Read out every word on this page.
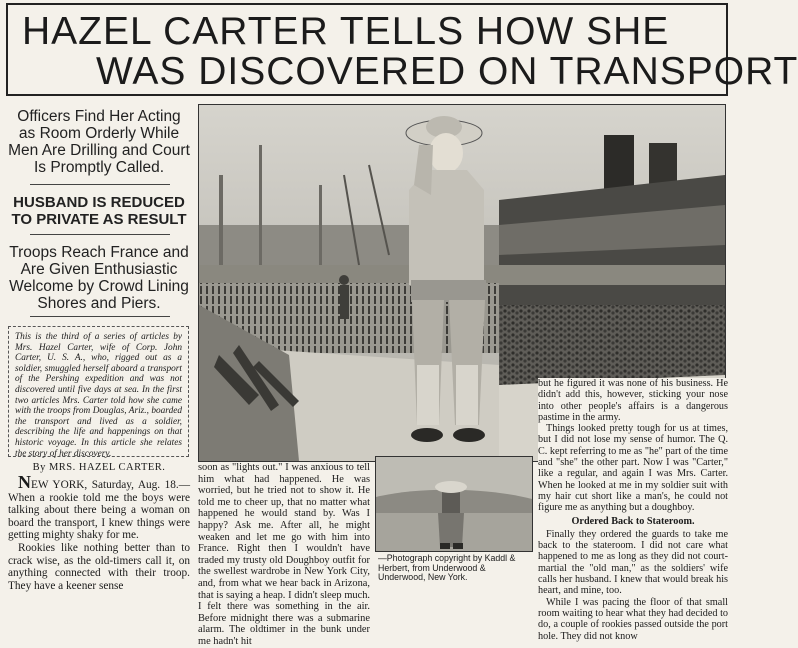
HAZEL CARTER TELLS HOW SHE
WAS DISCOVERED ON TRANSPORT
Officers Find Her Acting as Room Orderly While Men Are Drilling and Court Is Promptly Called.
HUSBAND IS REDUCED TO PRIVATE AS RESULT
Troops Reach France and Are Given Enthusiastic Welcome by Crowd Lining Shores and Piers.
This is the third of a series of articles by Mrs. Hazel Carter, wife of Corp. John Carter, U. S. A., who, rigged out as a soldier, smuggled herself aboard a transport of the Pershing expedition and was not discovered until five days at sea. In the first two articles Mrs. Carter told how she came with the troops from Douglas, Ariz., boarded the transport and lived as a soldier, describing the life and happenings on that historic voyage. In this article she relates the story of her discovery.
By MRS. HAZEL CARTER.

NEW YORK, Saturday, Aug. 18.—When a rookie told me the boys were talking about there being a woman on board the transport, I knew things were getting mighty shaky for me.

Rookies like nothing better than to crack wise, as the old-timers call it, on anything connected with their troop. They have a keener sense

soon as "lights out." I was anxious to tell him what had happened. He was worried, but he tried not to show it. He told me to cheer up, that no matter what happened he would stand by. Was I happy? Ask me. After all, he might weaken and let me go with him into France. Right then I wouldn't have traded my trusty old Doughboy outfit for the swellest wardrobe in New York City, and, from what we hear back in Arizona, that is saying a heap. I didn't sleep much. I felt there was something in the air. Before midnight there was a submarine alarm. The oldtimer in the bunk under me hadn't hit

—Photograph copyright by Kaddl & Herbert, from Underwood & Underwood, New York.

but he figured it was none of his business. He didn't add this, however, sticking your nose into other people's affairs is a dangerous pastime in the army.

Things looked pretty tough for us at times, but I did not lose my sense of humor. The Q. C. kept referring to me as "he" part of the time and "she" the other part. Now I was "Carter," like a regular, and again I was Mrs. Carter. When he looked at me in my soldier suit with my hair cut short like a man's, he could not figure me as anything but a doughboy.

Ordered Back to Stateroom.

Finally they ordered the guards to take me back to the stateroom. I did not care what happened to me as long as they did not court-martial the "old man," as the soldiers' wife calls her husband. I knew that would break his heart, and mine, too.

While I was pacing the floor of that small room waiting to hear what they had decided to do, a couple of rookies passed outside the port hole. They did not know
